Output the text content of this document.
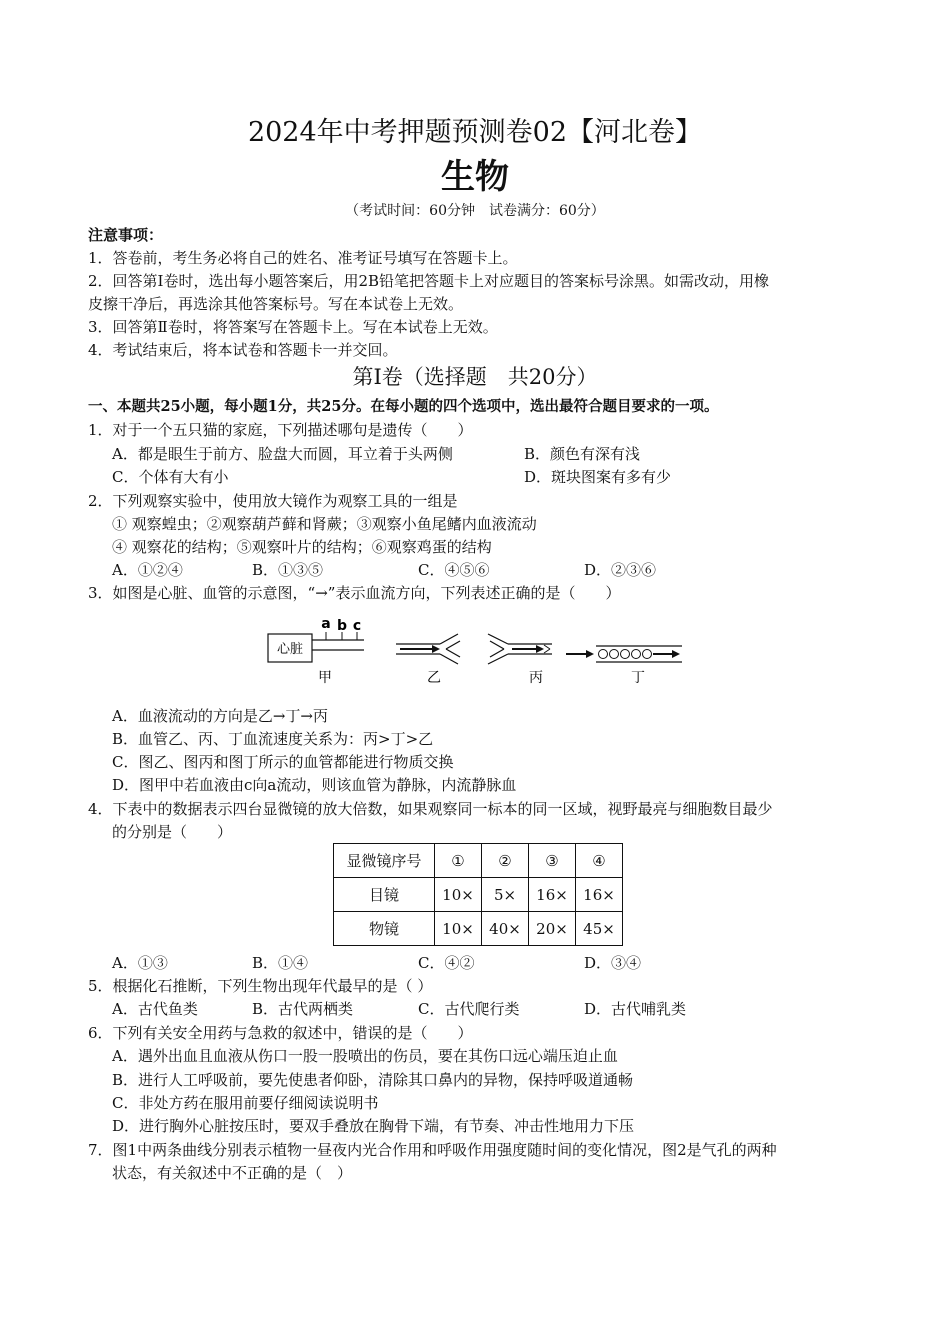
2024年中考押题预测卷02【河北卷】
生物
（考试时间：60分钟　试卷满分：60分）
注意事项：
1．答卷前，考生务必将自己的姓名、准考证号填写在答题卡上。
2．回答第Ⅰ卷时，选出每小题答案后，用2B铅笔把答题卡上对应题目的答案标号涂黑。如需改动，用橡
皮擦干净后，再选涂其他答案标号。写在本试卷上无效。
3．回答第Ⅱ卷时，将答案写在答题卡上。写在本试卷上无效。
4．考试结束后，将本试卷和答题卡一并交回。
第Ⅰ卷（选择题　共20分）
一、本题共25小题，每小题1分，共25分。在每小题的四个选项中，选出最符合题目要求的一项。
1．对于一个五只猫的家庭，下列描述哪句是遗传（　　）
A．都是眼生于前方、脸盘大而圆，耳立着于头两侧	B．颜色有深有浅
C．个体有大有小	D．斑块图案有多有少
2．下列观察实验中，使用放大镜作为观察工具的一组是
① 观察蝗虫；②观察葫芦藓和肾蕨；③观察小鱼尾鳍内血液流动
④ 观察花的结构；⑤观察叶片的结构；⑥观察鸡蛋的结构
A．①②④	B．①③⑤	C．④⑤⑥	D．②③⑥
3．如图是心脏、血管的示意图，“→”表示血流方向，下列表述正确的是（　　）
心脏
a b c
甲	乙	丙	丁
A．血液流动的方向是乙→丁→丙
B．血管乙、丙、丁血流速度关系为：丙>丁>乙
C．图乙、图丙和图丁所示的血管都能进行物质交换
D．图甲中若血液由c向a流动，则该血管为静脉，内流静脉血
4．下表中的数据表示四台显微镜的放大倍数，如果观察同一标本的同一区域，视野最亮与细胞数目最少
的分别是（　　）
显微镜序号	①	②	③	④
目镜	10×	5×	16×	16×
物镜	10×	40×	20×	45×
A．①③	B．①④	C．④②	D．③④
5．根据化石推断，下列生物出现年代最早的是（ ）
A．古代鱼类	B．古代两栖类	C．古代爬行类	D．古代哺乳类
6．下列有关安全用药与急救的叙述中，错误的是（　　）
A．遇外出血且血液从伤口一股一股喷出的伤员，要在其伤口远心端压迫止血
B．进行人工呼吸前，要先使患者仰卧，清除其口鼻内的异物，保持呼吸道通畅
C．非处方药在服用前要仔细阅读说明书
D．进行胸外心脏按压时，要双手叠放在胸骨下端，有节奏、冲击性地用力下压
7．图1中两条曲线分别表示植物一昼夜内光合作用和呼吸作用强度随时间的变化情况，图2是气孔的两种
状态，有关叙述中不正确的是（　）
